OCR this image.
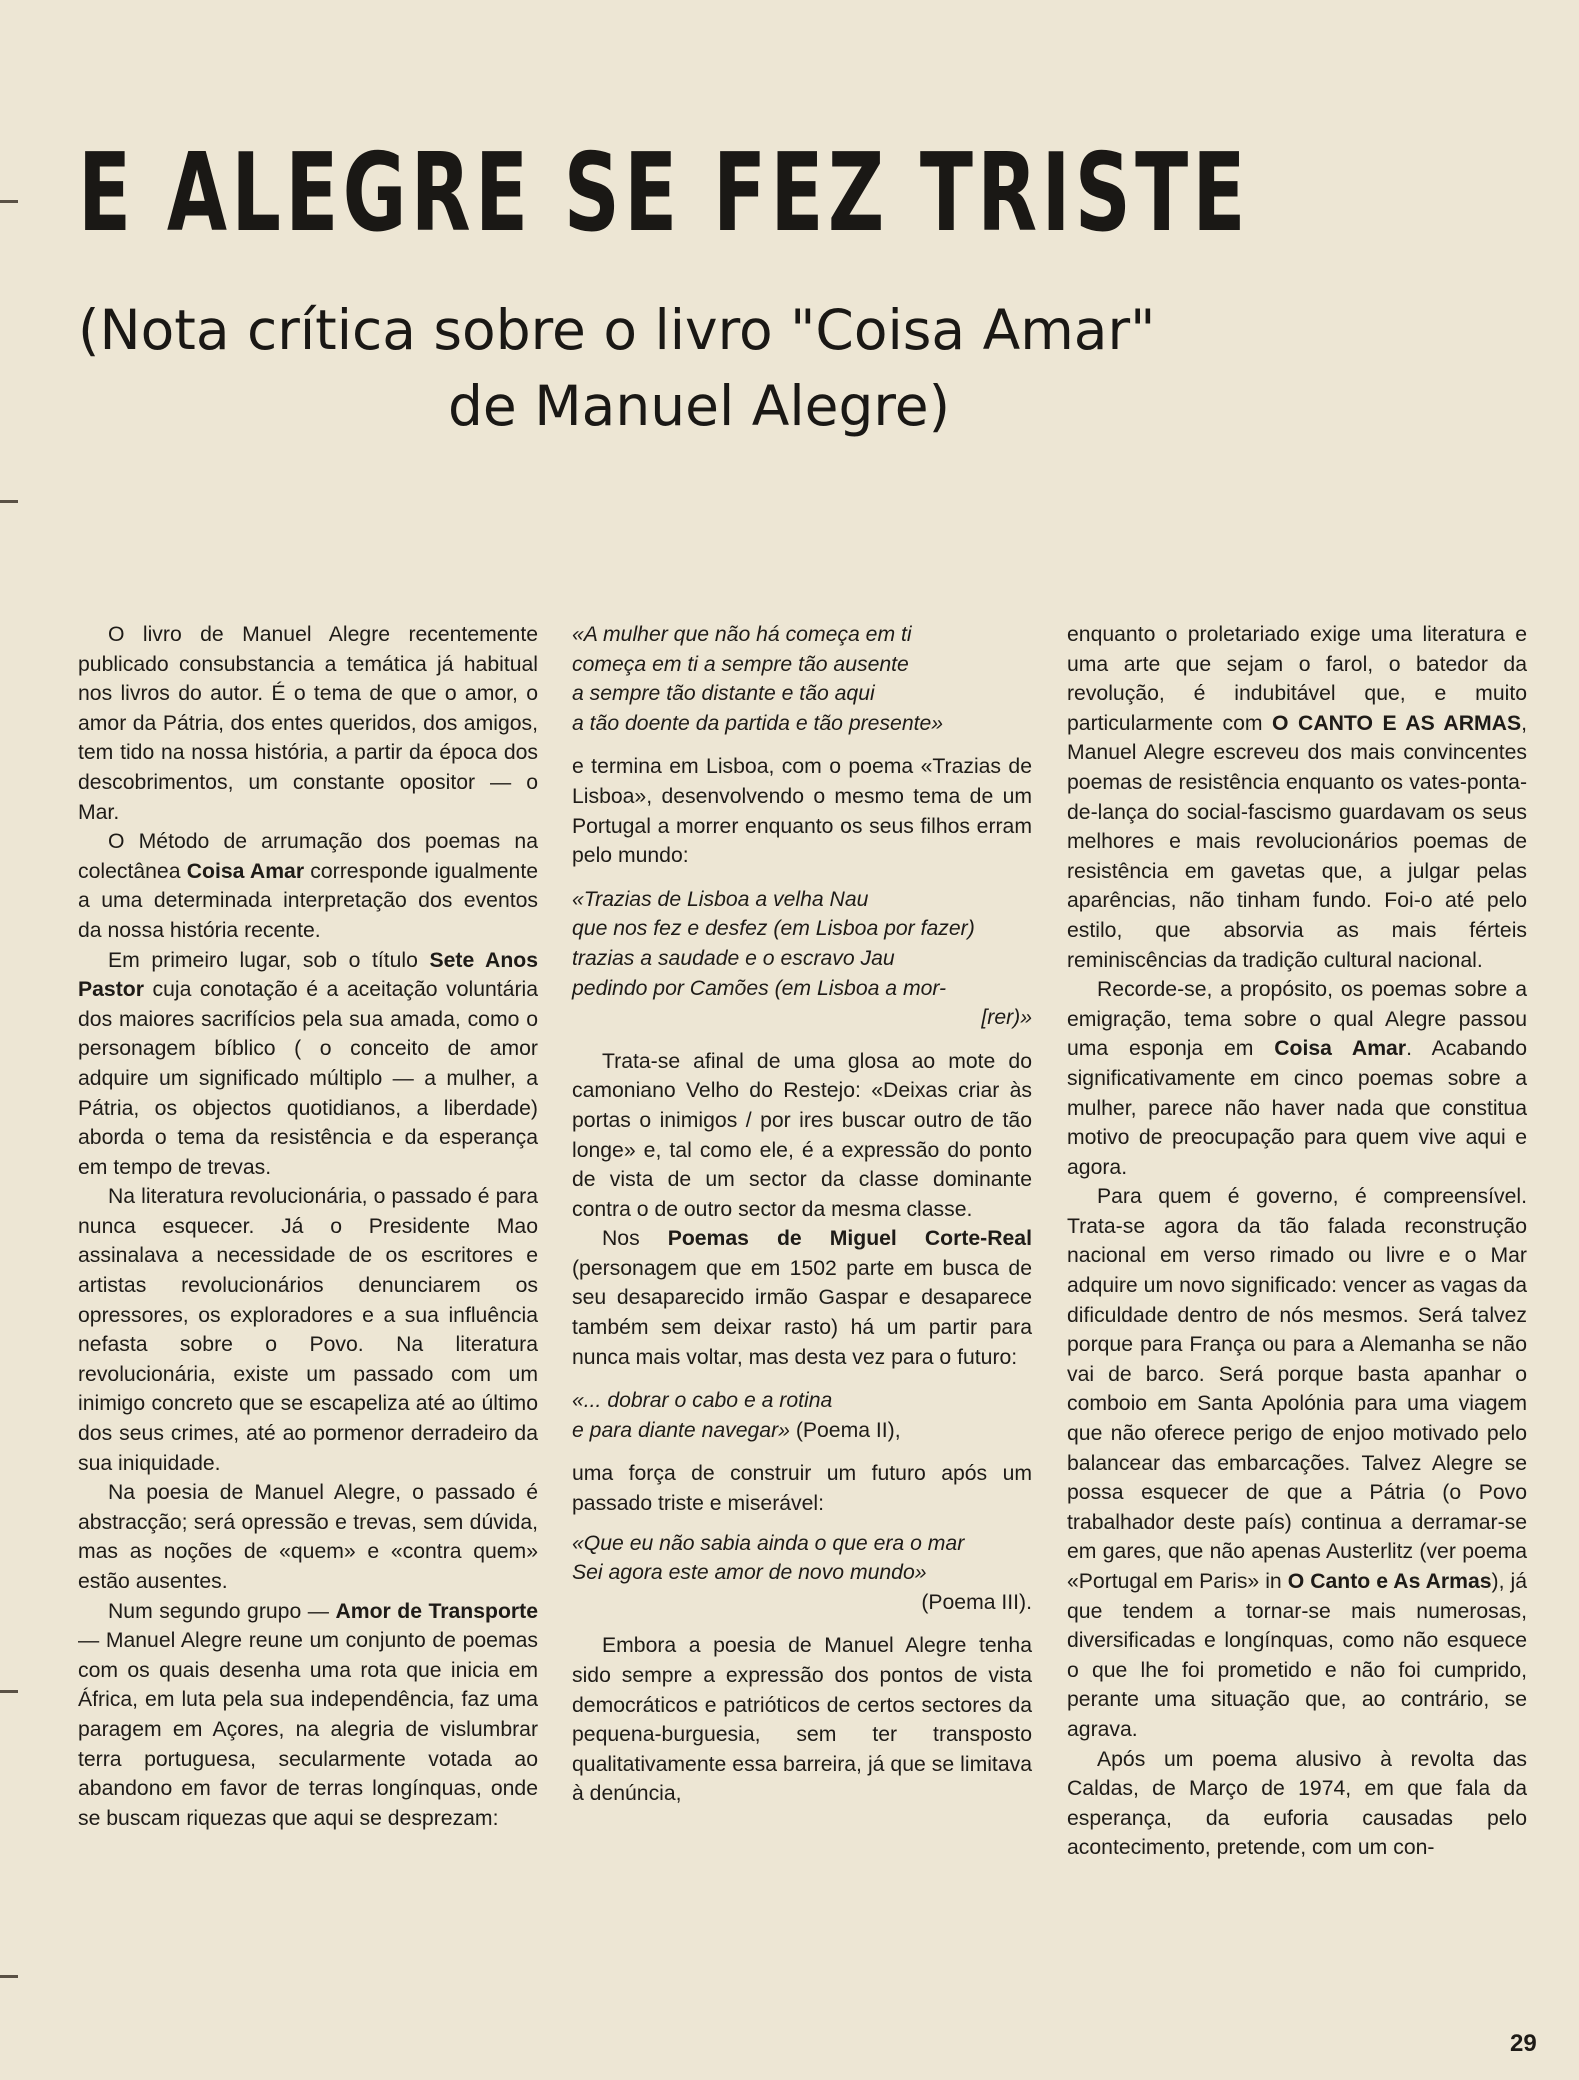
E ALEGRE SE FEZ TRISTE
(Nota crítica sobre o livro "Coisa Amar"
de Manuel Alegre)

O livro de Manuel Alegre recentemente publicado consubstancia a temática já habitual nos livros do autor. É o tema de que o amor, o amor da Pátria, dos entes queridos, dos amigos, tem tido na nossa história, a partir da época dos descobrimentos, um constante opositor — o Mar.

O Método de arrumação dos poemas na colectânea Coisa Amar corresponde igualmente a uma determinada interpretação dos eventos da nossa história recente.

Em primeiro lugar, sob o título Sete Anos Pastor cuja conotação é a aceitação voluntária dos maiores sacrifícios pela sua amada, como o personagem bíblico ( o conceito de amor adquire um significado múltiplo — a mulher, a Pátria, os objectos quotidianos, a liberdade) aborda o tema da resistência e da esperança em tempo de trevas.

Na literatura revolucionária, o passado é para nunca esquecer. Já o Presidente Mao assinalava a necessidade de os escritores e artistas revolucionários denunciarem os opressores, os exploradores e a sua influência nefasta sobre o Povo. Na literatura revolucionária, existe um passado com um inimigo concreto que se escapeliza até ao último dos seus crimes, até ao pormenor derradeiro da sua iniquidade.

Na poesia de Manuel Alegre, o passado é abstracção; será opressão e trevas, sem dúvida, mas as noções de «quem» e «contra quem» estão ausentes.

Num segundo grupo — Amor de Transporte — Manuel Alegre reune um conjunto de poemas com os quais desenha uma rota que inicia em África, em luta pela sua independência, faz uma paragem em Açores, na alegria de vislumbrar terra portuguesa, secularmente votada ao abandono em favor de terras longínquas, onde se buscam riquezas que aqui se desprezam:

«A mulher que não há começa em ti

começa em ti a sempre tão ausente

a sempre tão distante e tão aqui

a tão doente da partida e tão presente»

e termina em Lisboa, com o poema «Trazias de Lisboa», desenvolvendo o mesmo tema de um Portugal a morrer enquanto os seus filhos erram pelo mundo:

«Trazias de Lisboa a velha Nau

que nos fez e desfez (em Lisboa por fazer)

trazias a saudade e o escravo Jau

pedindo por Camões (em Lisboa a mor-

[rer)»

Trata-se afinal de uma glosa ao mote do camoniano Velho do Restejo: «Deixas criar às portas o inimigos / por ires buscar outro de tão longe» e, tal como ele, é a expressão do ponto de vista de um sector da classe dominante contra o de outro sector da mesma classe.

Nos Poemas de Miguel Corte-Real (personagem que em 1502 parte em busca de seu desaparecido irmão Gaspar e desaparece também sem deixar rasto) há um partir para nunca mais voltar, mas desta vez para o futuro:

«... dobrar o cabo e a rotina

e para diante navegar» (Poema II),

uma força de construir um futuro após um passado triste e miserável:

«Que eu não sabia ainda o que era o mar

Sei agora este amor de novo mundo»

(Poema III).

Embora a poesia de Manuel Alegre tenha sido sempre a expressão dos pontos de vista democráticos e patrióticos de certos sectores da pequena-burguesia, sem ter transposto qualitativamente essa barreira, já que se limitava à denúncia,

enquanto o proletariado exige uma literatura e uma arte que sejam o farol, o batedor da revolução, é indubitável que, e muito particularmente com O CANTO E AS ARMAS, Manuel Alegre escreveu dos mais convincentes poemas de resistência enquanto os vates-ponta-de-lança do social-fascismo guardavam os seus melhores e mais revolucionários poemas de resistência em gavetas que, a julgar pelas aparências, não tinham fundo. Foi-o até pelo estilo, que absorvia as mais férteis reminiscências da tradição cultural nacional.

Recorde-se, a propósito, os poemas sobre a emigração, tema sobre o qual Alegre passou uma esponja em Coisa Amar. Acabando significativamente em cinco poemas sobre a mulher, parece não haver nada que constitua motivo de preocupação para quem vive aqui e agora.

Para quem é governo, é compreensível. Trata-se agora da tão falada reconstrução nacional em verso rimado ou livre e o Mar adquire um novo significado: vencer as vagas da dificuldade dentro de nós mesmos. Será talvez porque para França ou para a Alemanha se não vai de barco. Será porque basta apanhar o comboio em Santa Apolónia para uma viagem que não oferece perigo de enjoo motivado pelo balancear das embarcações. Talvez Alegre se possa esquecer de que a Pátria (o Povo trabalhador deste país) continua a derramar-se em gares, que não apenas Austerlitz (ver poema «Portugal em Paris» in O Canto e As Armas), já que tendem a tornar-se mais numerosas, diversificadas e longínquas, como não esquece o que lhe foi prometido e não foi cumprido, perante uma situação que, ao contrário, se agrava.

Após um poema alusivo à revolta das Caldas, de Março de 1974, em que fala da esperança, da euforia causadas pelo acontecimento, pretende, com um con-

29
